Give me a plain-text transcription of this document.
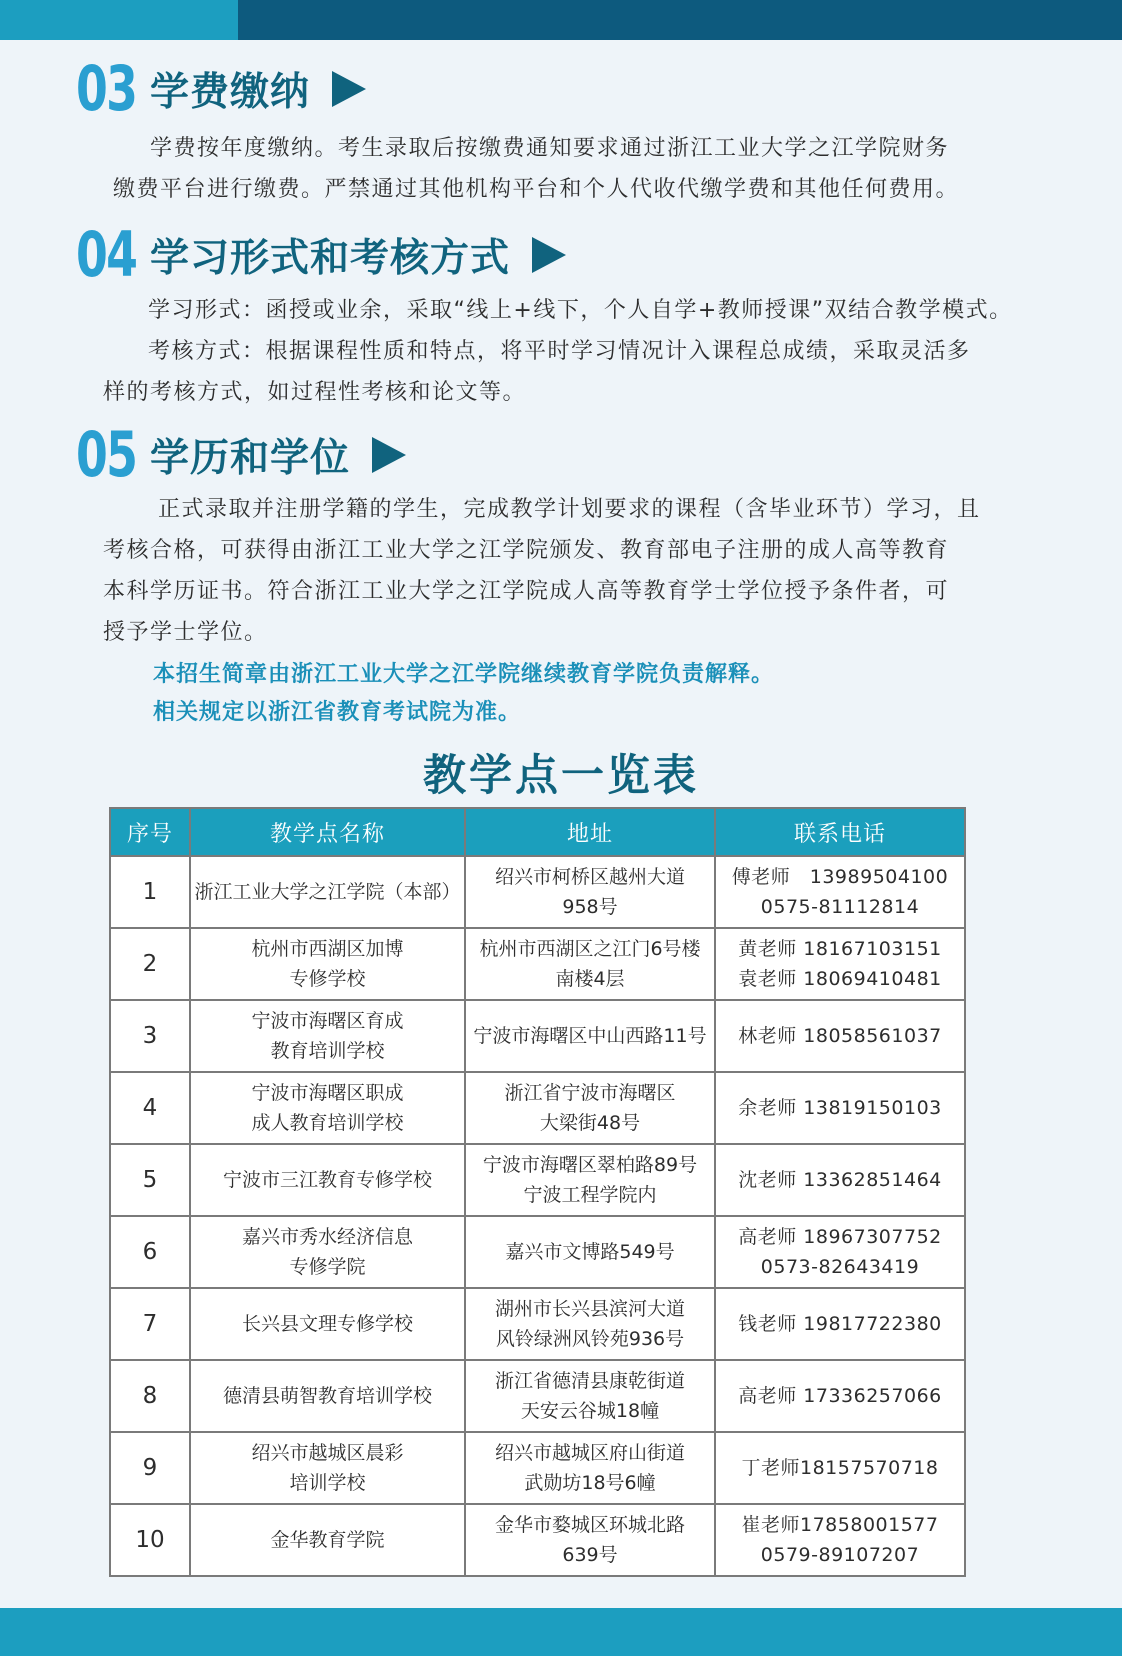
03 学费缴纳
学费按年度缴纳。考生录取后按缴费通知要求通过浙江工业大学之江学院财务
缴费平台进行缴费。严禁通过其他机构平台和个人代收代缴学费和其他任何费用。
04 学习形式和考核方式
学习形式：函授或业余，采取“线上+线下，个人自学+教师授课”双结合教学模式。
考核方式：根据课程性质和特点，将平时学习情况计入课程总成绩，采取灵活多
样的考核方式，如过程性考核和论文等。
05 学历和学位
正式录取并注册学籍的学生，完成教学计划要求的课程（含毕业环节）学习，且
考核合格，可获得由浙江工业大学之江学院颁发、教育部电子注册的成人高等教育
本科学历证书。符合浙江工业大学之江学院成人高等教育学士学位授予条件者，可
授予学士学位。
本招生简章由浙江工业大学之江学院继续教育学院负责解释。
相关规定以浙江省教育考试院为准。
教学点一览表
序号	教学点名称	地址	联系电话
1	浙江工业大学之江学院（本部）	绍兴市柯桥区越州大道
958号	傅老师　13989504100
0575-81112814

2	杭州市西湖区加博
专修学校	杭州市西湖区之江门6号楼
南楼4层	黄老师 18167103151
袁老师 18069410481

3	宁波市海曙区育成
教育培训学校	宁波市海曙区中山西路11号	林老师 18058561037

4	宁波市海曙区职成
成人教育培训学校	浙江省宁波市海曙区
大梁街48号	余老师 13819150103

5	宁波市三江教育专修学校	宁波市海曙区翠柏路89号
宁波工程学院内	沈老师 13362851464

6	嘉兴市秀水经济信息
专修学院	嘉兴市文博路549号	高老师 18967307752
0573-82643419

7	长兴县文理专修学校	湖州市长兴县滨河大道
风铃绿洲风铃苑936号	钱老师 19817722380

8	德清县萌智教育培训学校	浙江省德清县康乾街道
天安云谷城18幢	高老师 17336257066

9	绍兴市越城区晨彩
培训学校	绍兴市越城区府山街道
武勋坊18号6幢	丁老师18157570718

10	金华教育学院	金华市婺城区环城北路
639号	崔老师17858001577
0579-89107207
